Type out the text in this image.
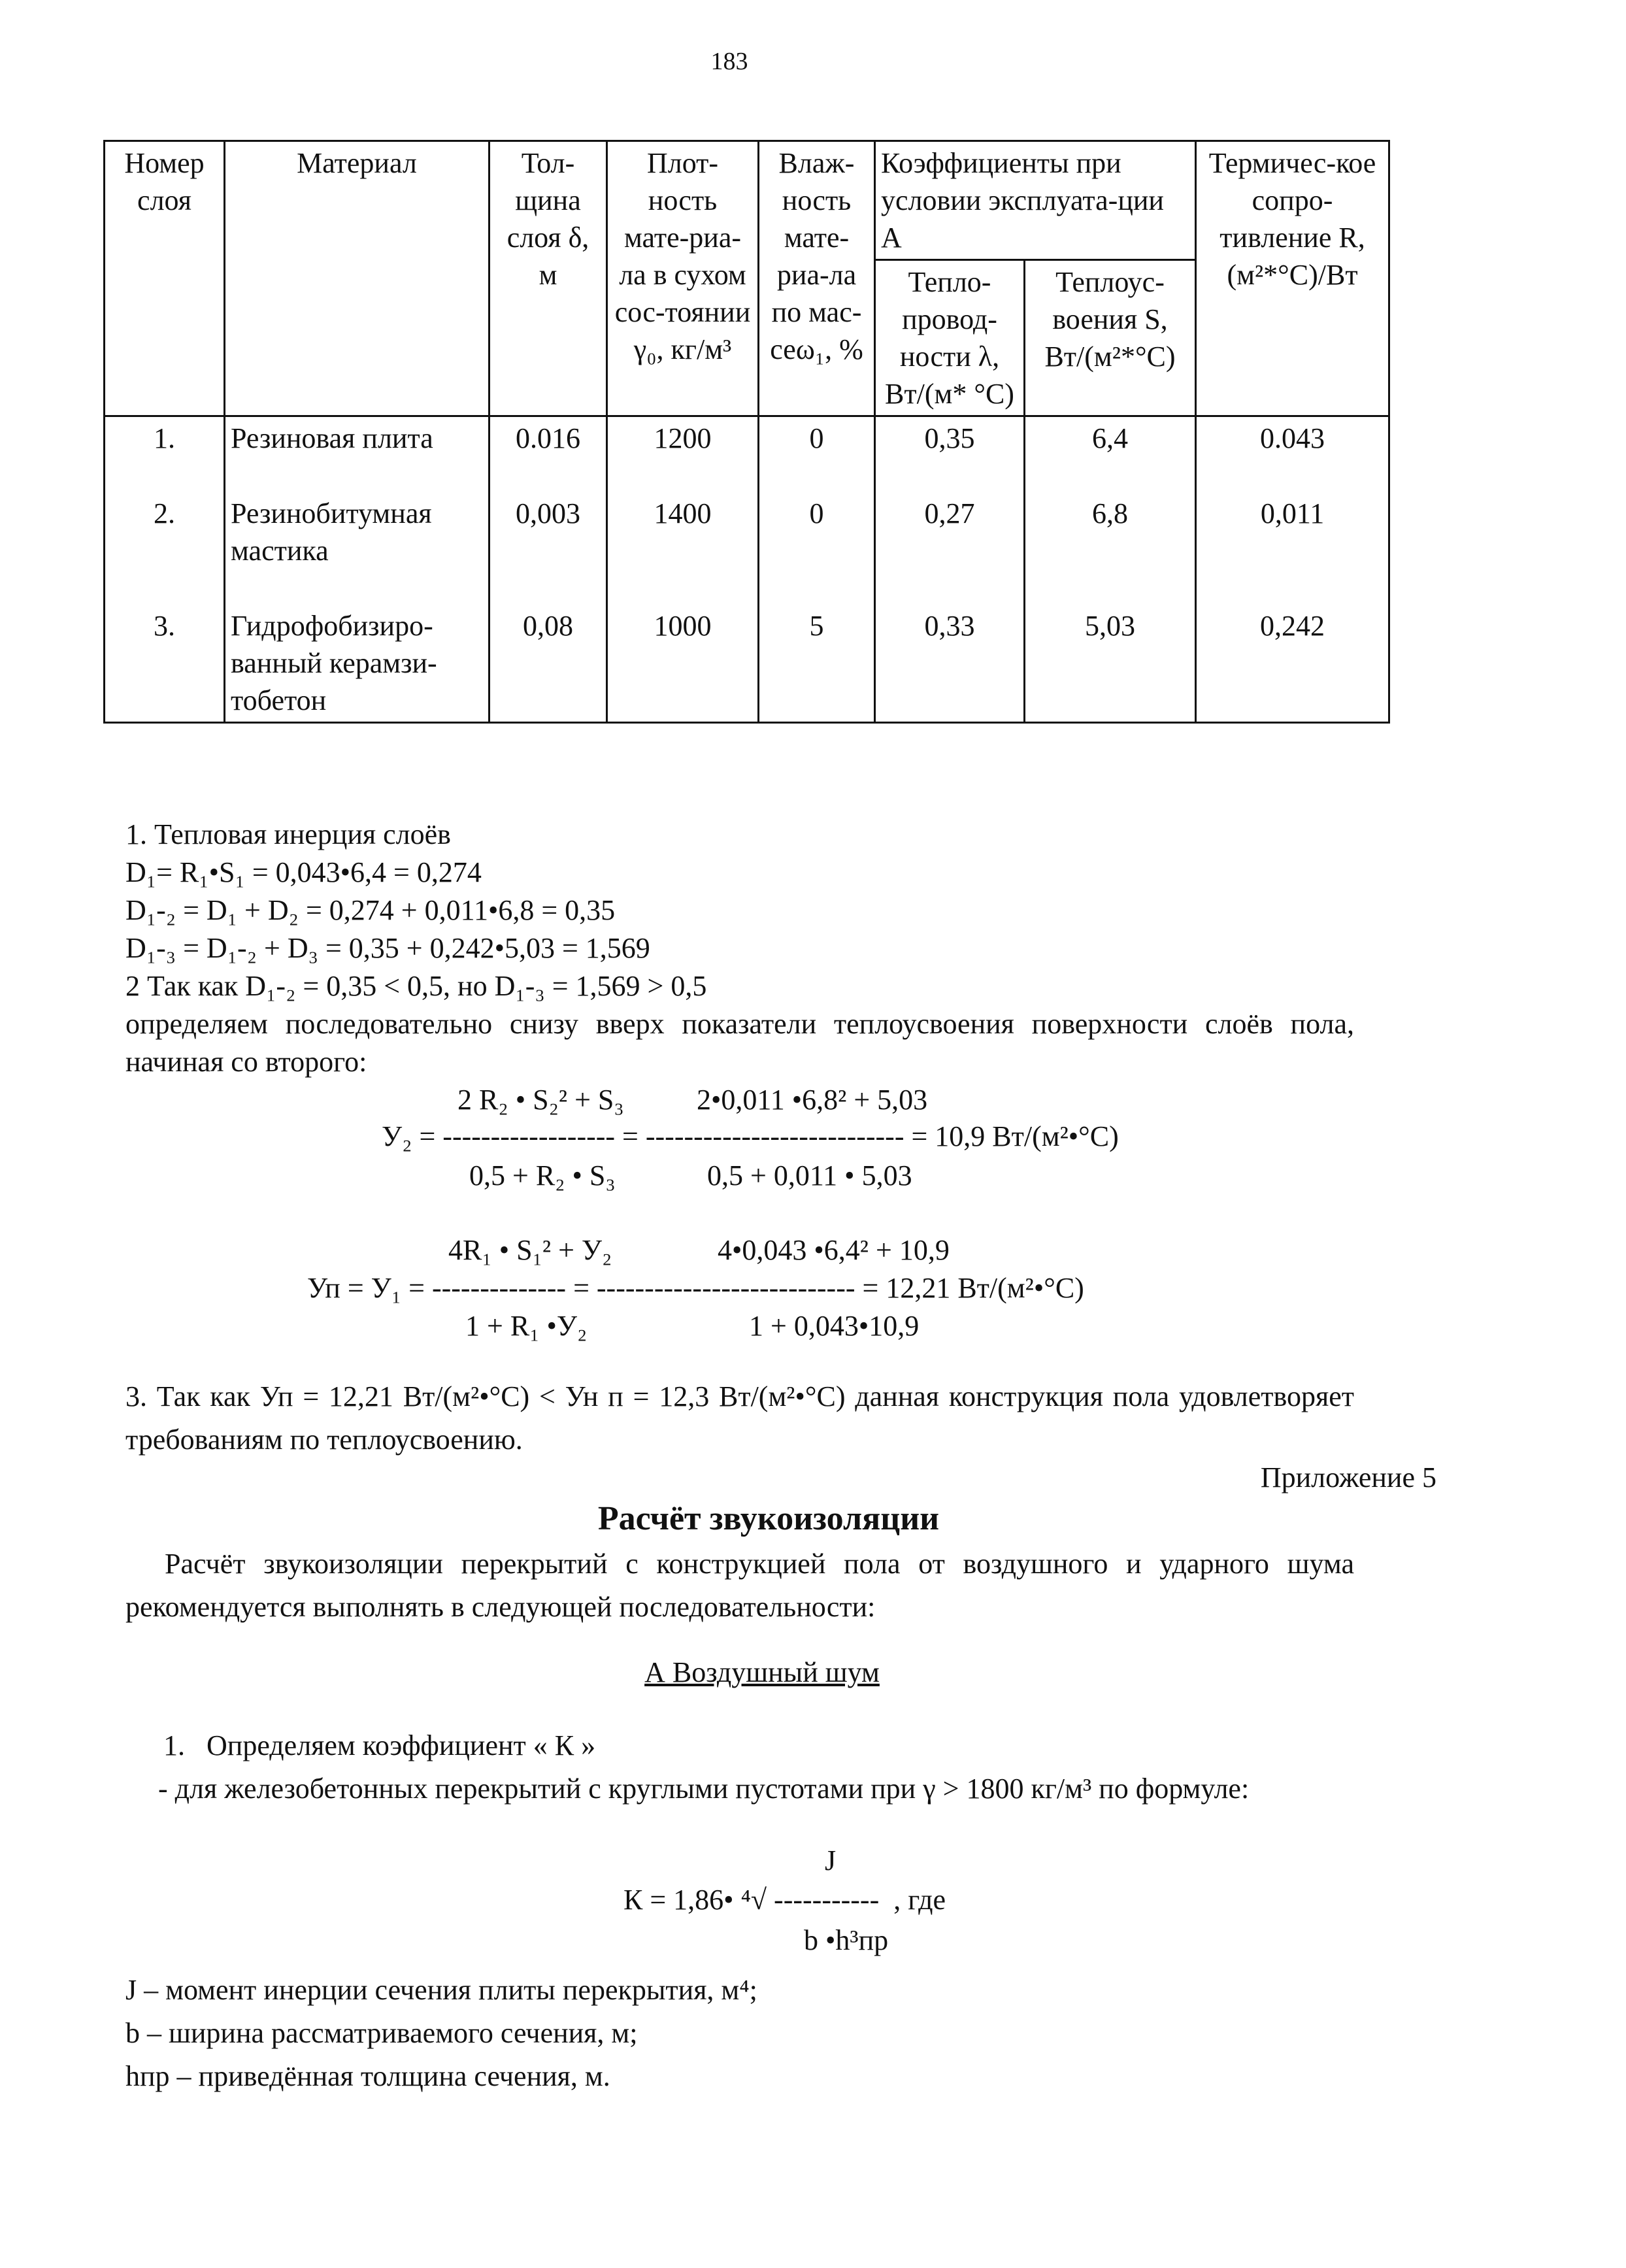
183
Номер слоя	Материал	Тол-щина слоя δ, м	Плот-ность мате-риа-ла в сухом сос-тоянии γ₀, кг/м³	Влаж-ность мате-риа-ла по мас-сеω₁, %	Коэффициенты при условии эксплуата-ции А		Термичес-кое сопро-тивление R, (м²*°С)/Вт
					Тепло-провод-ности λ, Вт/(м* °С)	Теплоус-воения S, Вт/(м²*°С)	
1.	Резиновая плита	0.016	1200	0	0,35	6,4	0.043
2.	Резинобитумная мастика	0,003	1400	0	0,27	6,8	0,011
3.	Гидрофобизиро-ванный керамзи-тобетон	0,08	1000	5	0,33	5,03	0,242
1. Тепловая инерция слоёв
D₁= R₁•S₁ = 0,043•6,4 = 0,274
D₁-₂ = D₁ + D₂ = 0,274 + 0,011•6,8 = 0,35
D₁-₃ = D₁-₂ + D₃ = 0,35 + 0,242•5,03 = 1,569
2 Так как D₁-₂ = 0,35 < 0,5, но D₁-₃ = 1,569 > 0,5
определяем последовательно снизу вверх показатели теплоусвоения поверхности слоёв пола, начиная со второго:
2 R₂ • S₂² + S₃	2•0,011 •6,8² + 5,03
У₂ = ------------------ = --------------------------- = 10,9 Вт/(м²•°С)
0,5 + R₂ • S₃	0,5 + 0,011 • 5,03
4R₁ • S₁² + У₂	4•0,043 •6,4² + 10,9
Уп = У₁ = -------------- = --------------------------- = 12,21 Вт/(м²•°С)
1 + R₁ •У₂	1 + 0,043•10,9
3. Так как Уп = 12,21 Вт/(м²•°С) < Ун п = 12,3 Вт/(м²•°С) данная конструкция пола удовлетворяет требованиям по теплоусвоению.
Приложение 5
Расчёт звукоизоляции
Расчёт звукоизоляции перекрытий с конструкцией пола от воздушного и ударного шума рекомендуется выполнять в следующей последовательности:
А Воздушный шум
1.   Определяем коэффициент « К »
- для железобетонных перекрытий с круглыми пустотами при γ > 1800 кг/м³ по формуле:
J
К = 1,86• ⁴√ -----------  , где
b •h³пр
J – момент инерции сечения плиты перекрытия, м⁴;
b – ширина рассматриваемого сечения, м;
hпр – приведённая толщина сечения, м.
